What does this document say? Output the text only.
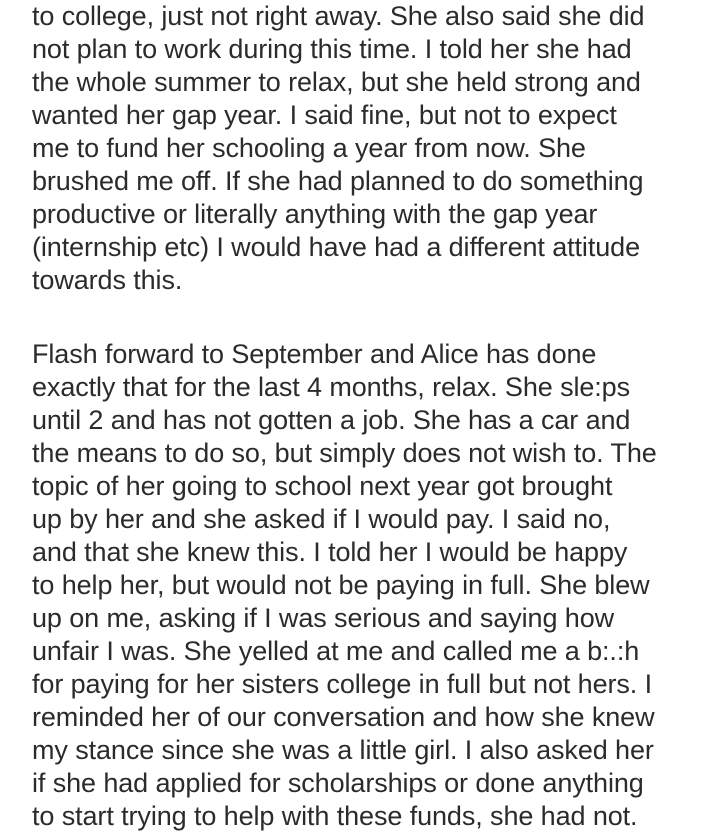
to college, just not right away. She also said she did
not plan to work during this time. I told her she had
the whole summer to relax, but she held strong and
wanted her gap year. I said fine, but not to expect
me to fund her schooling a year from now. She
brushed me off. If she had planned to do something
productive or literally anything with the gap year
(internship etc) I would have had a different attitude
towards this.
Flash forward to September and Alice has done
exactly that for the last 4 months, relax. She sle⁠:ps
until 2 and has not gotten a job. She has a car and
the means to do so, but simply does not wish to. The
topic of her going to school next year got brought
up by her and she asked if I would pay. I said no,
and that she knew this. I told her I would be happy
to help her, but would not be paying in full. She blew
up on me, asking if I was serious and saying how
unfair I was. She yelled at me and called me a b:.:h
for paying for her sisters college in full but not hers. I
reminded her of our conversation and how she knew
my stance since she was a little girl. I also asked her
if she had applied for scholarships or done anything
to start trying to help with these funds, she had not.
